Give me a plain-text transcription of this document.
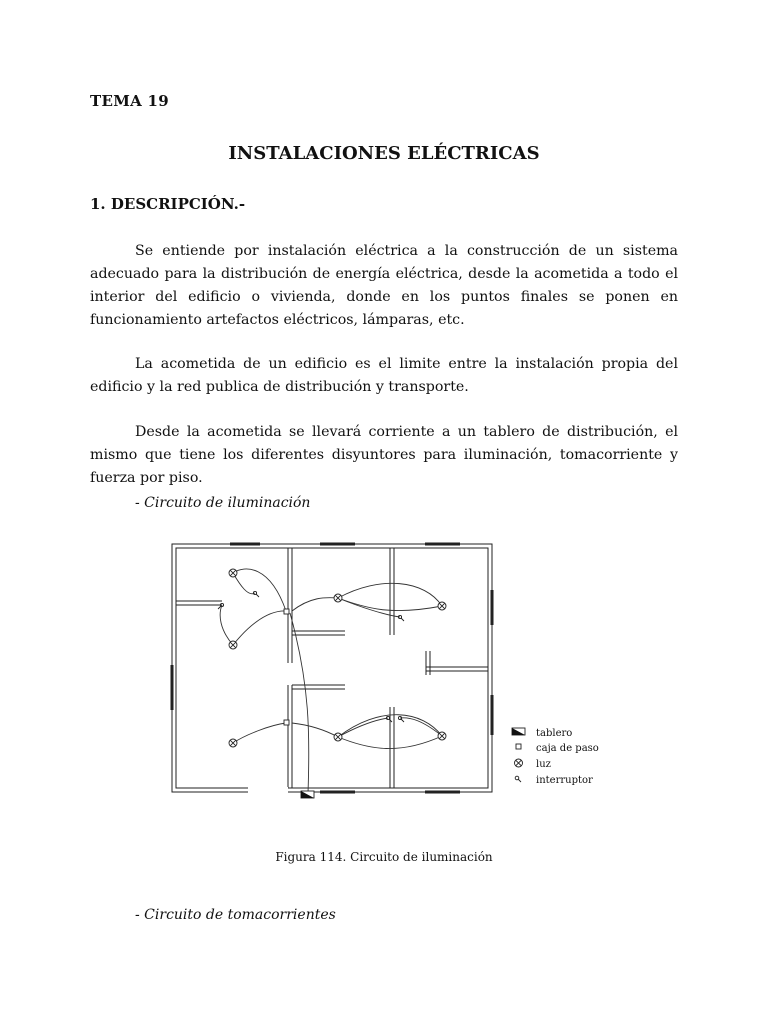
TEMA 19
INSTALACIONES ELÉCTRICAS
1. DESCRIPCIÓN.-

Se entiende por instalación eléctrica a la construcción de un sistema adecuado para la distribución de energía eléctrica, desde la acometida a todo el interior del edificio o vivienda, donde en los puntos finales se ponen en funcionamiento artefactos eléctricos, lámparas, etc.

La acometida de un edificio es el limite entre la instalación propia del edificio y la red publica de distribución y transporte.

Desde la acometida se llevará corriente a un tablero de distribución, el mismo que tiene los diferentes disyuntores para iluminación, tomacorriente y fuerza por piso.

- Circuito de iluminación
tablero
caja de paso
luz
interruptor
Figura 114. Circuito de iluminación
- Circuito de tomacorrientes
